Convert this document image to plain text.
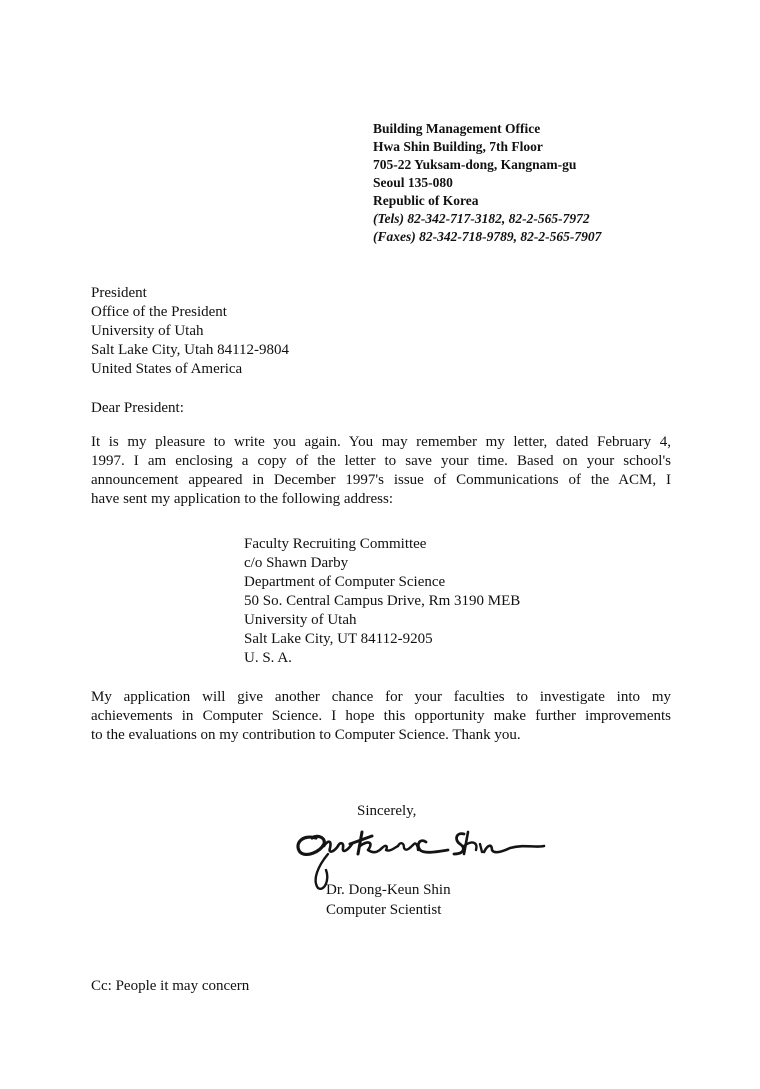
Building Management Office
Hwa Shin Building, 7th Floor
705-22 Yuksam-dong, Kangnam-gu
Seoul 135-080
Republic of Korea
(Tels) 82-342-717-3182, 82-2-565-7972
(Faxes) 82-342-718-9789, 82-2-565-7907
President
Office of the President
University of Utah
Salt Lake City, Utah 84112-9804
United States of America
Dear President:
It is my pleasure to write you again. You may remember my letter, dated February 4,
1997. I am enclosing a copy of the letter to save your time. Based on your school's
announcement appeared in December 1997's issue of Communications of the ACM, I
have sent my application to the following address:
Faculty Recruiting Committee
c/o Shawn Darby
Department of Computer Science
50 So. Central Campus Drive, Rm 3190 MEB
University of Utah
Salt Lake City, UT 84112-9205
U. S. A.
My application will give another chance for your faculties to investigate into my
achievements in Computer Science. I hope this opportunity make further improvements
to the evaluations on my contribution to Computer Science. Thank you.
Sincerely,
Dr. Dong-Keun Shin
Computer Scientist
Cc: People it may concern
